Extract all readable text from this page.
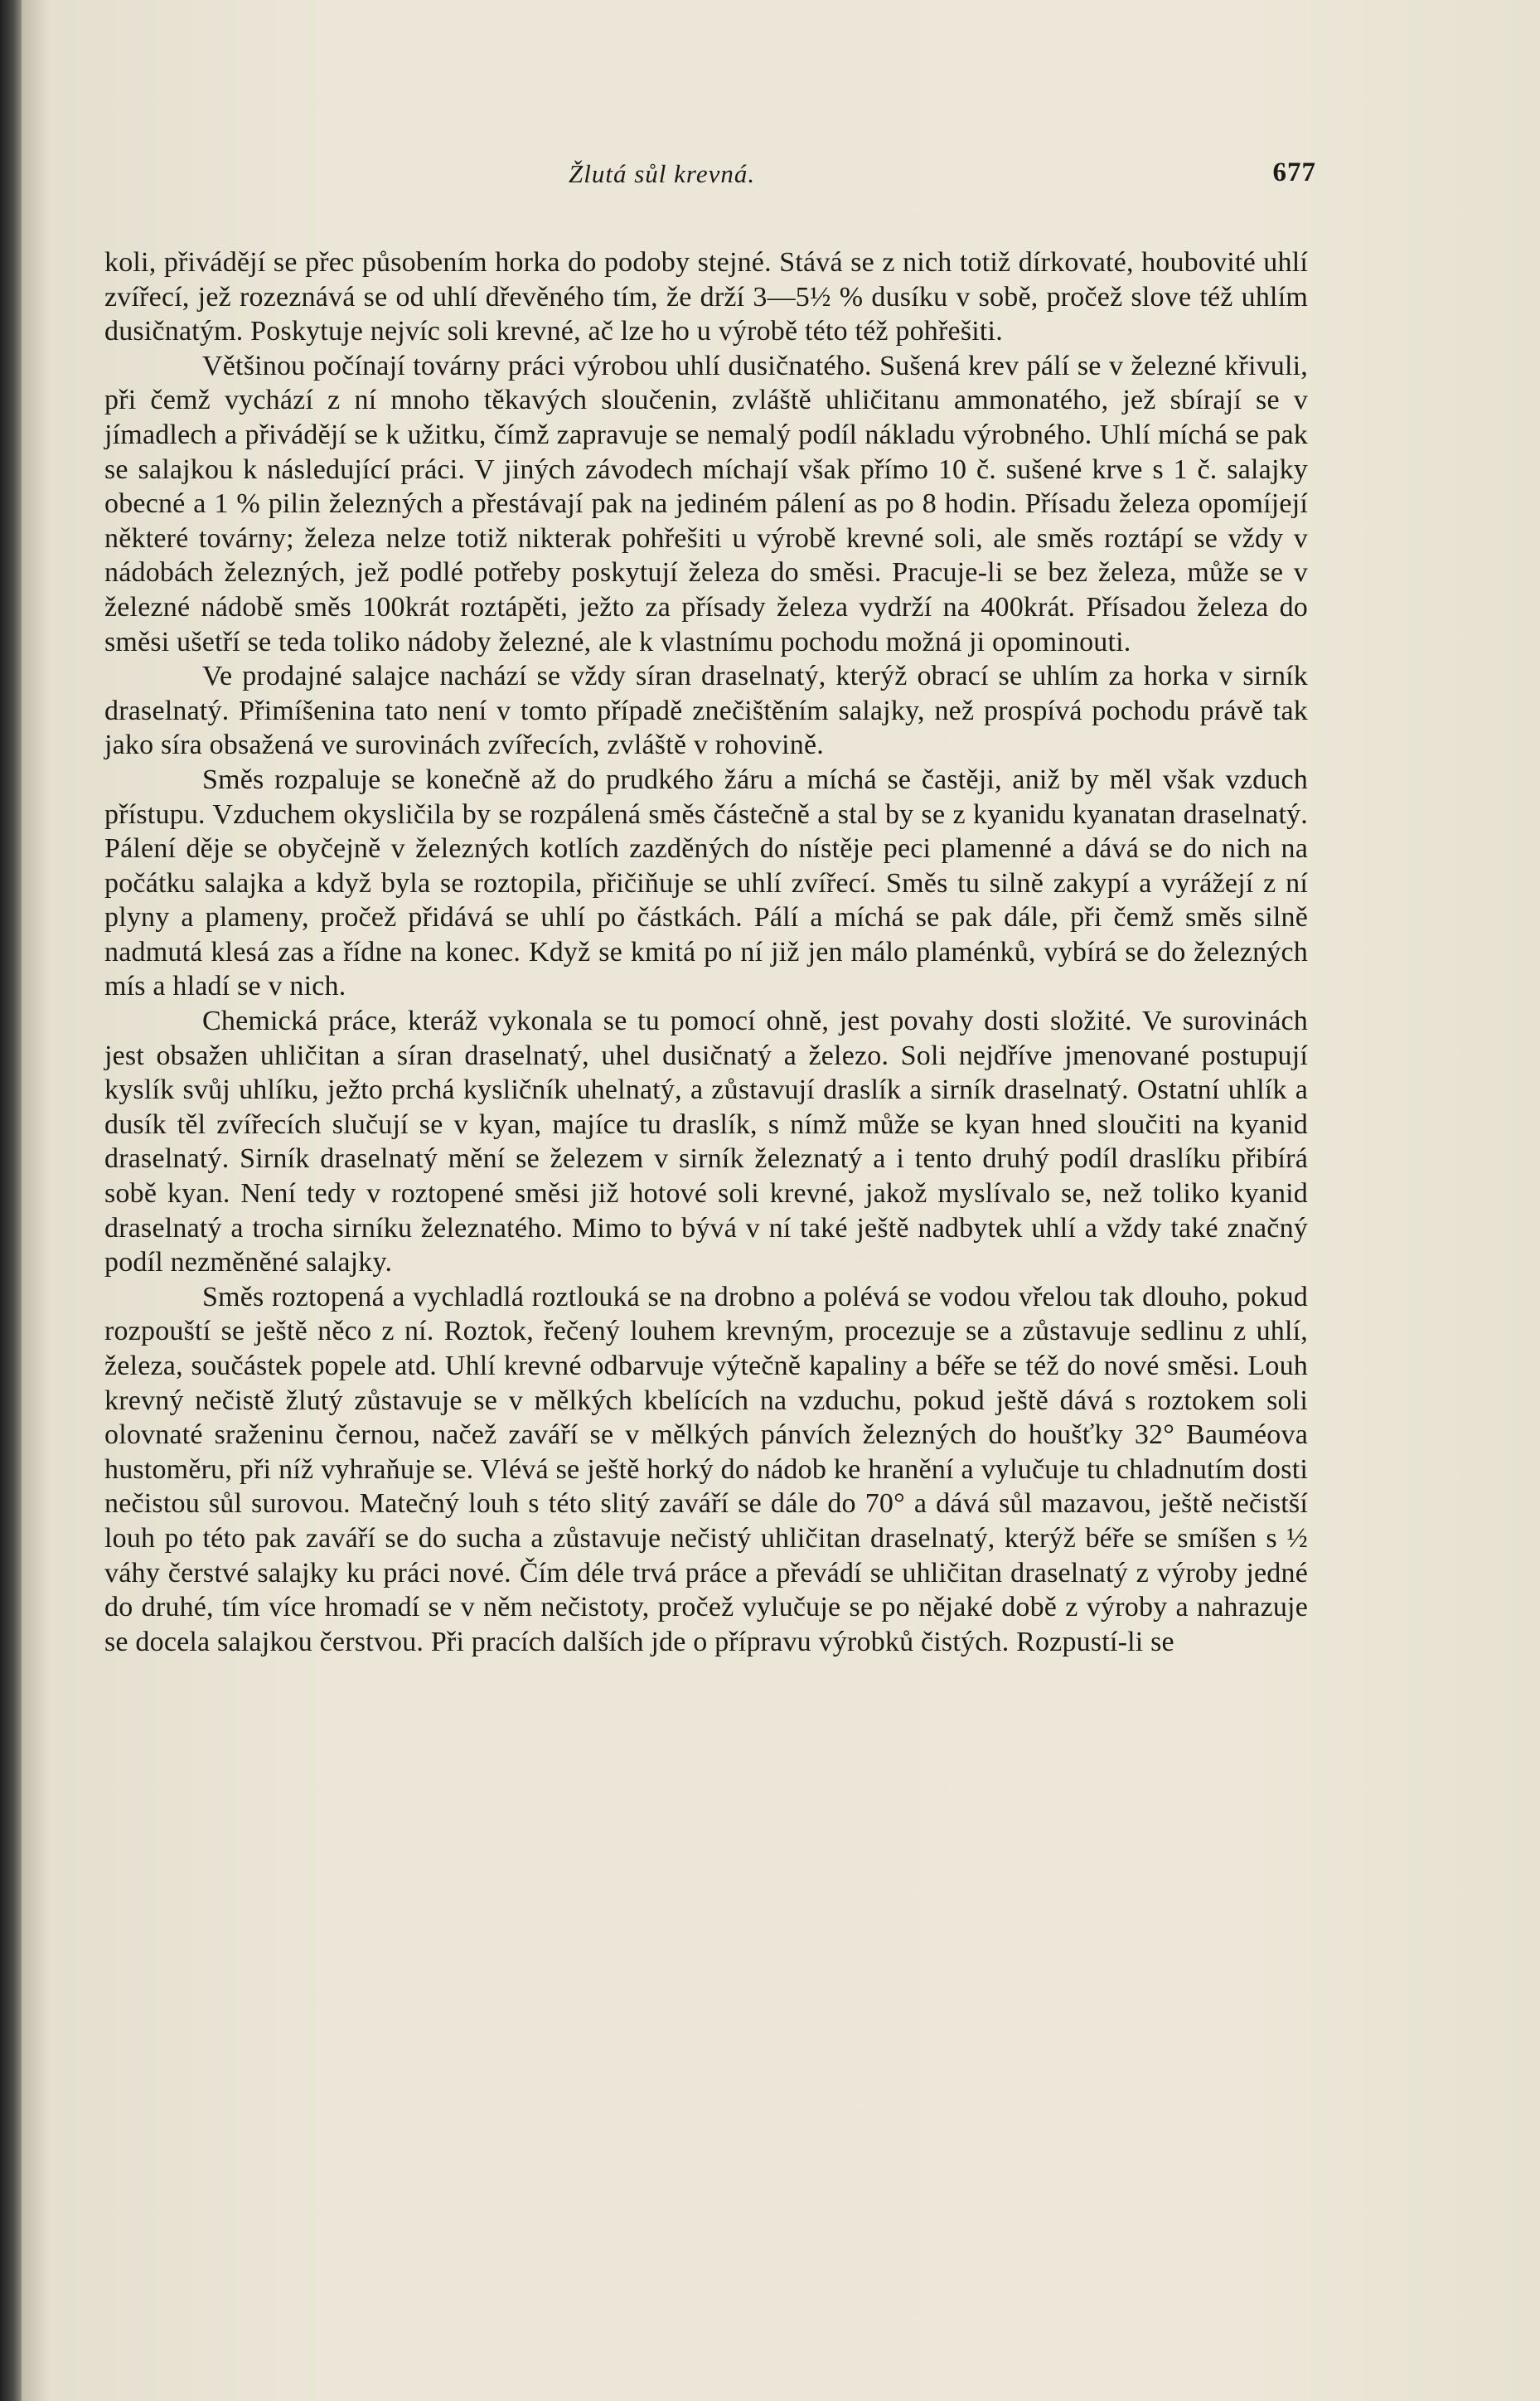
Žlutá sůl krevná.	677

koli, přivádějí se přec působením horka do podoby stejné. Stává se z nich totiž dírkovaté, houbovité uhlí zvířecí, jež rozeznává se od uhlí dřevěného tím, že drží 3—5½ % dusíku v sobě, pročež slove též uhlím dusičnatým. Poskytuje nejvíc soli krevné, ač lze ho u výrobě této též pohřešiti.

Většinou počínají továrny práci výrobou uhlí dusičnatého. Sušená krev pálí se v železné křivuli, při čemž vychází z ní mnoho těkavých sloučenin, zvláště uhličitanu ammonatého, jež sbírají se v jímadlech a přivádějí se k užitku, čímž zapravuje se nemalý podíl nákladu výrobného. Uhlí míchá se pak se salajkou k následující práci. V jiných závodech míchají však přímo 10 č. sušené krve s 1 č. salajky obecné a 1 % pilin železných a přestávají pak na jediném pálení as po 8 hodin. Přísadu železa opomíjejí některé továrny; železa nelze totiž nikterak pohřešiti u výrobě krevné soli, ale směs roztápí se vždy v nádobách železných, jež podlé potřeby poskytují železa do směsi. Pracuje-li se bez železa, může se v železné nádobě směs 100krát roztápěti, ježto za přísady železa vydrží na 400krát. Přísadou železa do směsi ušetří se teda toliko nádoby železné, ale k vlastnímu pochodu možná ji opominouti.

Ve prodajné salajce nachází se vždy síran draselnatý, kterýž obrací se uhlím za horka v sirník draselnatý. Přimíšenina tato není v tomto případě znečištěním salajky, než prospívá pochodu právě tak jako síra obsažená ve surovinách zvířecích, zvláště v rohovině.

Směs rozpaluje se konečně až do prudkého žáru a míchá se častěji, aniž by měl však vzduch přístupu. Vzduchem okysličila by se rozpálená směs částečně a stal by se z kyanidu kyanatan draselnatý. Pálení děje se obyčejně v železných kotlích zazděných do nístěje peci plamenné a dává se do nich na počátku salajka a když byla se roztopila, přičiňuje se uhlí zvířecí. Směs tu silně zakypí a vyrážejí z ní plyny a plameny, pročež přidává se uhlí po částkách. Pálí a míchá se pak dále, při čemž směs silně nadmutá klesá zas a řídne na konec. Když se kmitá po ní již jen málo plaménků, vybírá se do železných mís a hladí se v nich.

Chemická práce, kteráž vykonala se tu pomocí ohně, jest povahy dosti složité. Ve surovinách jest obsažen uhličitan a síran draselnatý, uhel dusičnatý a železo. Soli nejdříve jmenované postupují kyslík svůj uhlíku, ježto prchá kysličník uhelnatý, a zůstavují draslík a sirník draselnatý. Ostatní uhlík a dusík těl zvířecích slučují se v kyan, majíce tu draslík, s nímž může se kyan hned sloučiti na kyanid draselnatý. Sirník draselnatý mění se železem v sirník železnatý a i tento druhý podíl draslíku přibírá sobě kyan. Není tedy v roztopené směsi již hotové soli krevné, jakož myslívalo se, než toliko kyanid draselnatý a trocha sirníku železnatého. Mimo to bývá v ní také ještě nadbytek uhlí a vždy také značný podíl nezměněné salajky.

Směs roztopená a vychladlá roztlouká se na drobno a polévá se vodou vřelou tak dlouho, pokud rozpouští se ještě něco z ní. Roztok, řečený louhem krevným, procezuje se a zůstavuje sedlinu z uhlí, železa, součástek popele atd. Uhlí krevné odbarvuje výtečně kapaliny a béře se též do nové směsi. Louh krevný nečistě žlutý zůstavuje se v mělkých kbelících na vzduchu, pokud ještě dává s roztokem soli olovnaté sraženinu černou, načež zaváří se v mělkých pánvích železných do houšťky 32° Bauméova hustoměru, při níž vyhraňuje se. Vlévá se ještě horký do nádob ke hranění a vylučuje tu chladnutím dosti nečistou sůl surovou. Matečný louh s této slitý zaváří se dále do 70° a dává sůl mazavou, ještě nečistší louh po této pak zaváří se do sucha a zůstavuje nečistý uhličitan draselnatý, kterýž béře se smíšen s ½ váhy čerstvé salajky ku práci nové. Čím déle trvá práce a převádí se uhličitan draselnatý z výroby jedné do druhé, tím více hromadí se v něm nečistoty, pročež vylučuje se po nějaké době z výroby a nahrazuje se docela salajkou čerstvou. Při pracích dalších jde o přípravu výrobků čistých. Rozpustí-li se
